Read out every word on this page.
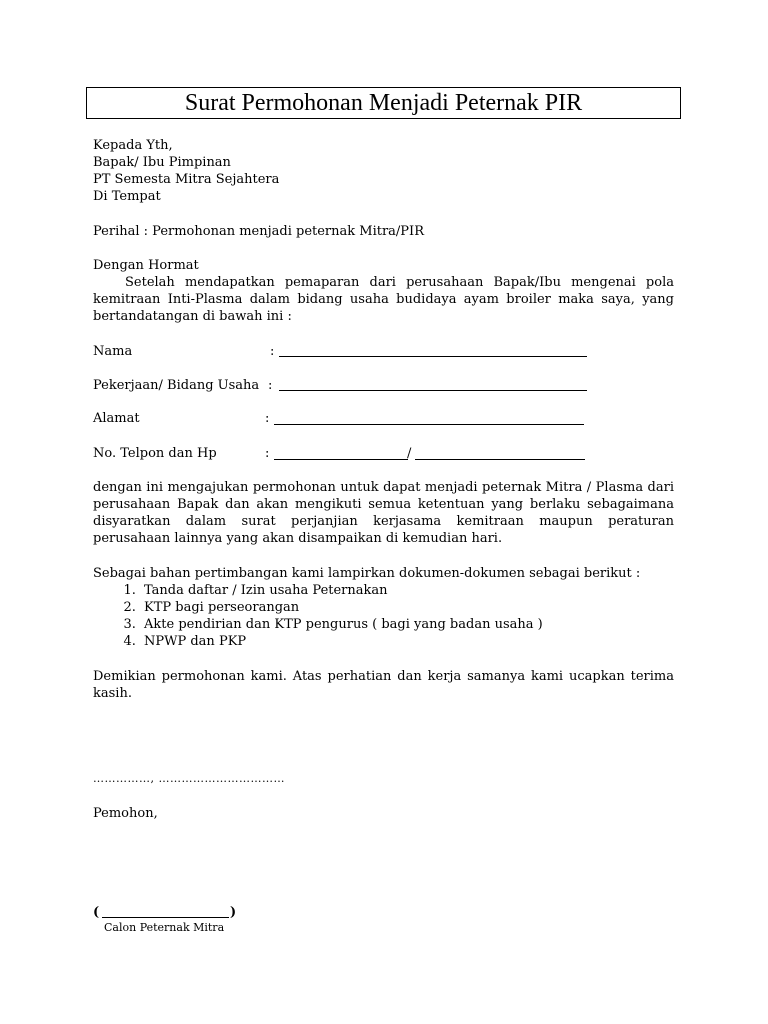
Surat Permohonan Menjadi Peternak PIR
Kepada Yth,
Bapak/ Ibu Pimpinan
PT Semesta Mitra Sejahtera
Di Tempat
Perihal : Permohonan menjadi peternak Mitra/PIR
Dengan Hormat
Setelah mendapatkan pemaparan dari perusahaan Bapak/Ibu mengenai pola kemitraan Inti-Plasma dalam bidang usaha budidaya ayam broiler maka saya, yang bertandatangan di bawah ini :
Nama	:
Pekerjaan/ Bidang Usaha :
Alamat	:
No. Telpon dan Hp	:	/
dengan ini mengajukan permohonan untuk dapat menjadi peternak Mitra / Plasma dari perusahaan Bapak dan akan mengikuti semua ketentuan yang berlaku sebagaimana disyaratkan dalam surat perjanjian kerjasama kemitraan maupun peraturan perusahaan lainnya yang akan disampaikan di kemudian hari.
Sebagai bahan pertimbangan kami lampirkan dokumen-dokumen sebagai berikut :
1. Tanda daftar / Izin usaha Peternakan
2. KTP bagi perseorangan
3. Akte pendirian dan KTP pengurus ( bagi yang badan usaha )
4. NPWP dan PKP
Demikian permohonan kami. Atas perhatian dan kerja samanya kami ucapkan terima kasih.
……………, ……………………………
Pemohon,
(	)
Calon Peternak Mitra
